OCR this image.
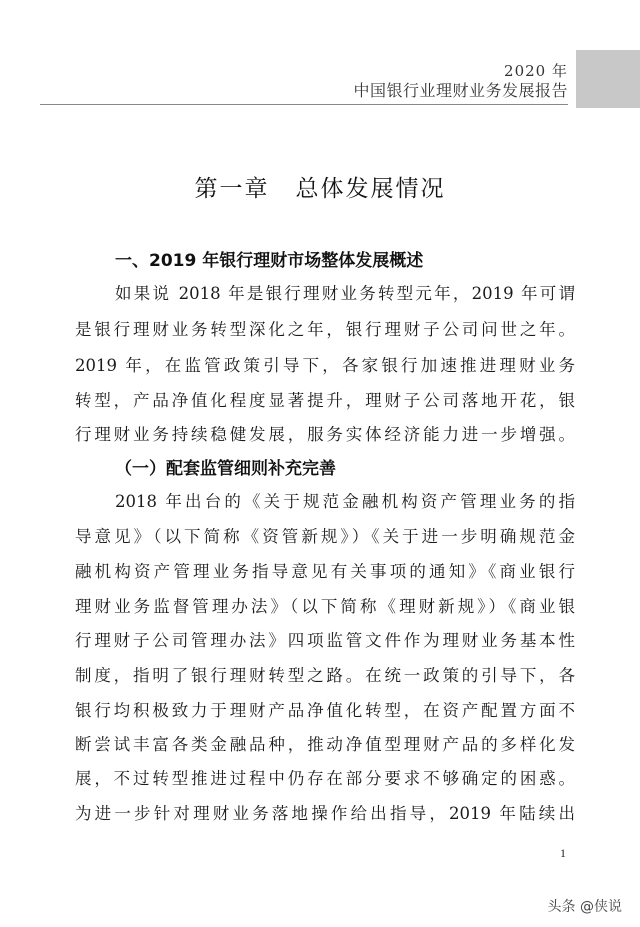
2020 年
中国银行业理财业务发展报告
第一章 总体发展情况
一、2019 年银行理财市场整体发展概述
如果说 2018 年是银行理财业务转型元年，2019 年可谓
是银行理财业务转型深化之年，银行理财子公司问世之年。
2019 年，在监管政策引导下，各家银行加速推进理财业务
转型，产品净值化程度显著提升，理财子公司落地开花，银
行理财业务持续稳健发展，服务实体经济能力进一步增强。
（一）配套监管细则补充完善
2018 年出台的《关于规范金融机构资产管理业务的指
导意见》（以下简称《资管新规》）《关于进一步明确规范金
融机构资产管理业务指导意见有关事项的通知》《商业银行
理财业务监督管理办法》（以下简称《理财新规》）《商业银
行理财子公司管理办法》四项监管文件作为理财业务基本性
制度，指明了银行理财转型之路。在统一政策的引导下，各
银行均积极致力于理财产品净值化转型，在资产配置方面不
断尝试丰富各类金融品种，推动净值型理财产品的多样化发
展，不过转型推进过程中仍存在部分要求不够确定的困惑。
为进一步针对理财业务落地操作给出指导，2019 年陆续出
1
头条 @侠说
